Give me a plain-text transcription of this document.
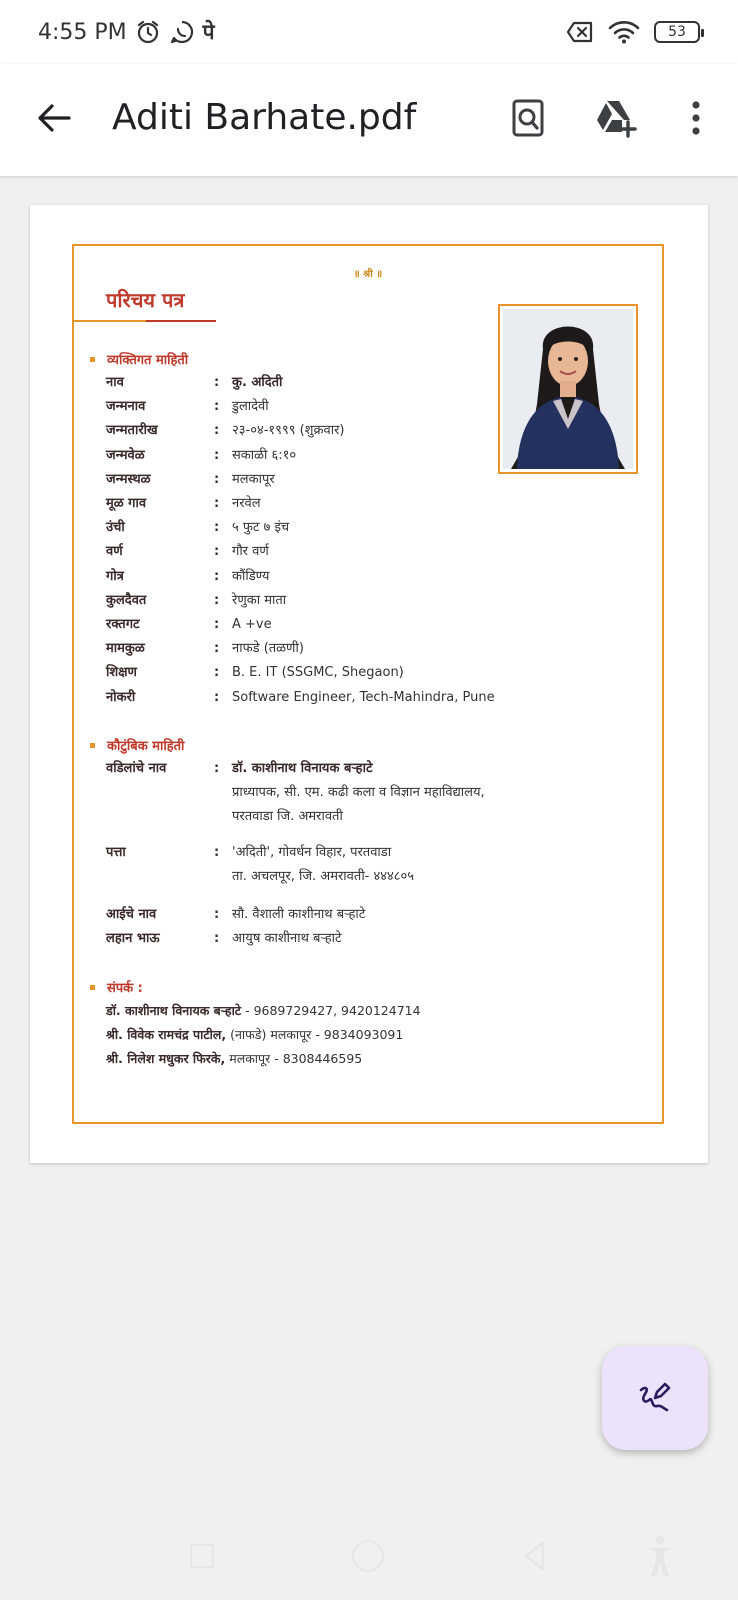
4:55 PM	पे	53
Aditi Barhate.pdf
॥ श्री ॥
परिचय पत्र
व्यक्तिगत माहिती
नाव	: कु. अदिती
जन्मनाव	: डुलादेवी
जन्मतारीख	: २३-०४-१९९९ (शुक्रवार)
जन्मवेळ	: सकाळी ६:१०
जन्मस्थळ	: मलकापूर
मूळ गाव	: नरवेल
उंची	: ५ फुट ७ इंच
वर्ण	: गौर वर्ण
गोत्र	: कौंडिण्य
कुलदैवत	: रेणुका माता
रक्तगट	: A +ve
मामकुळ	: नाफडे (तळणी)
शिक्षण	: B. E. IT (SSGMC, Shegaon)
नोकरी	: Software Engineer, Tech-Mahindra, Pune
कौटुंबिक माहिती
वडिलांचे नाव	: डॉ. काशीनाथ विनायक बऱ्हाटे
प्राध्यापक, सी. एम. कढी कला व विज्ञान महाविद्यालय,
परतवाडा जि. अमरावती
पत्ता	: 'अदिती', गोवर्धन विहार, परतवाडा
ता. अचलपूर, जि. अमरावती- ४४४८०५
आईचे नाव	: सौ. वैशाली काशीनाथ बऱ्हाटे
लहान भाऊ	: आयुष काशीनाथ बऱ्हाटे
संपर्क :
डॉ. काशीनाथ विनायक बऱ्हाटे - 9689729427, 9420124714
श्री. विवेक रामचंद्र पाटील, (नाफडे) मलकापूर - 9834093091
श्री. निलेश मधुकर फिरके, मलकापूर - 8308446595
